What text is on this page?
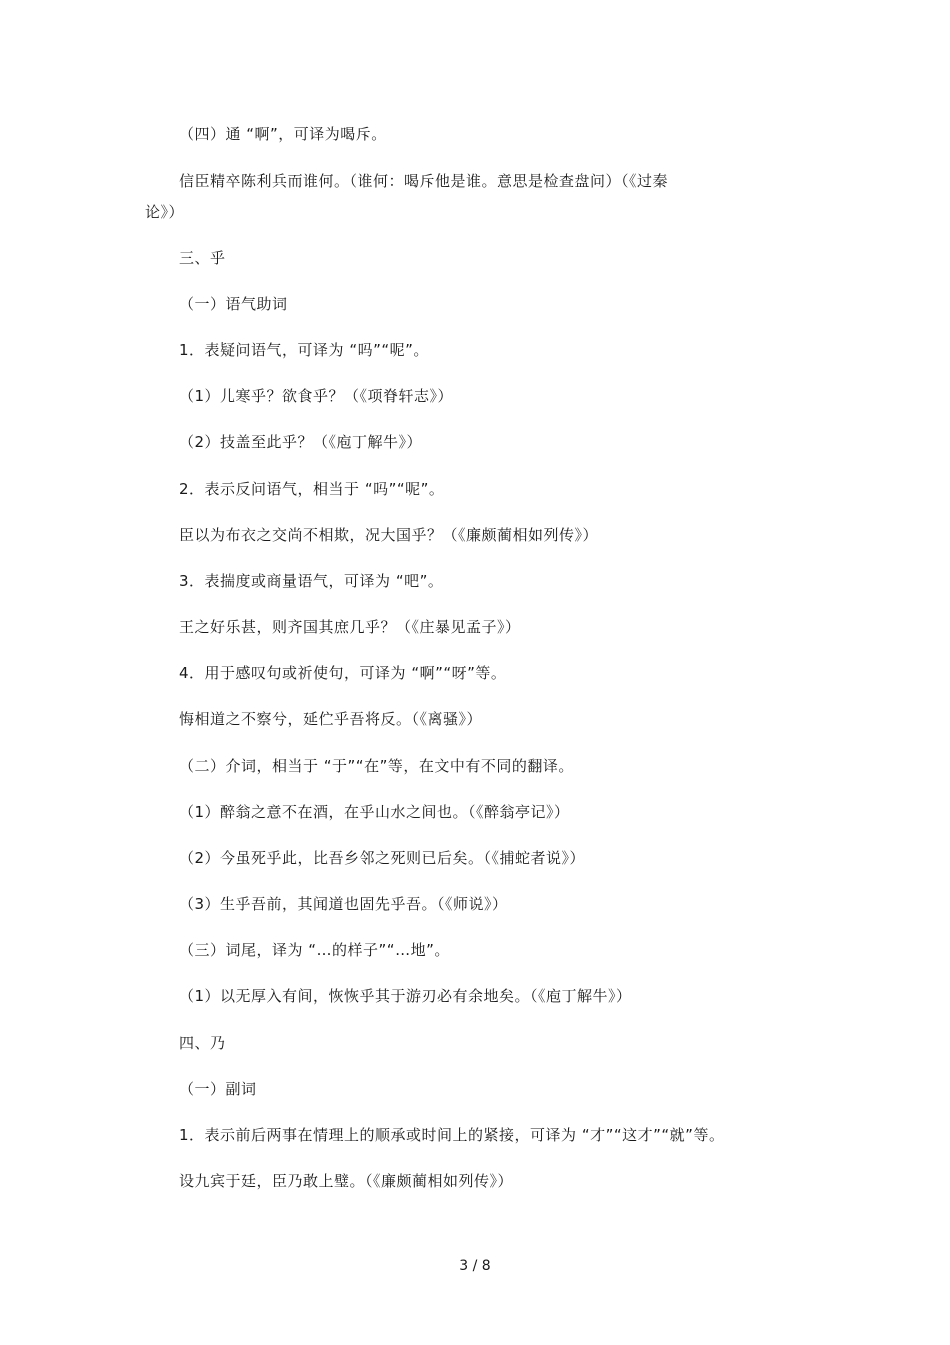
（四）通 “啊”，可译为喝斥。
信臣精卒陈利兵而谁何。（谁何：喝斥他是谁。意思是检查盘问）（《过秦
论》）
三、乎
（一）语气助词
1．表疑问语气，可译为 “吗”“呢”。
（1）儿寒乎？欲食乎？（《项脊轩志》）
（2）技盖至此乎？（《庖丁解牛》）
2．表示反问语气，相当于 “吗”“呢”。
臣以为布衣之交尚不相欺，况大国乎？（《廉颇蔺相如列传》）
3．表揣度或商量语气，可译为 “吧”。
王之好乐甚，则齐国其庶几乎？（《庄暴见孟子》）
4．用于感叹句或祈使句，可译为 “啊”“呀”等。
悔相道之不察兮，延伫乎吾将反。（《离骚》）
（二）介词，相当于 “于”“在”等，在文中有不同的翻译。
（1）醉翁之意不在酒，在乎山水之间也。（《醉翁亭记》）
（2）今虽死乎此，比吾乡邻之死则已后矣。（《捕蛇者说》）
（3）生乎吾前，其闻道也固先乎吾。（《师说》）
（三）词尾，译为 “…的样子”“…地”。
（1）以无厚入有间，恢恢乎其于游刃必有余地矣。（《庖丁解牛》）
四、乃
（一）副词
1．表示前后两事在情理上的顺承或时间上的紧接，可译为 “才”“这才”“就”等。
设九宾于廷，臣乃敢上璧。（《廉颇蔺相如列传》）
3 / 8
